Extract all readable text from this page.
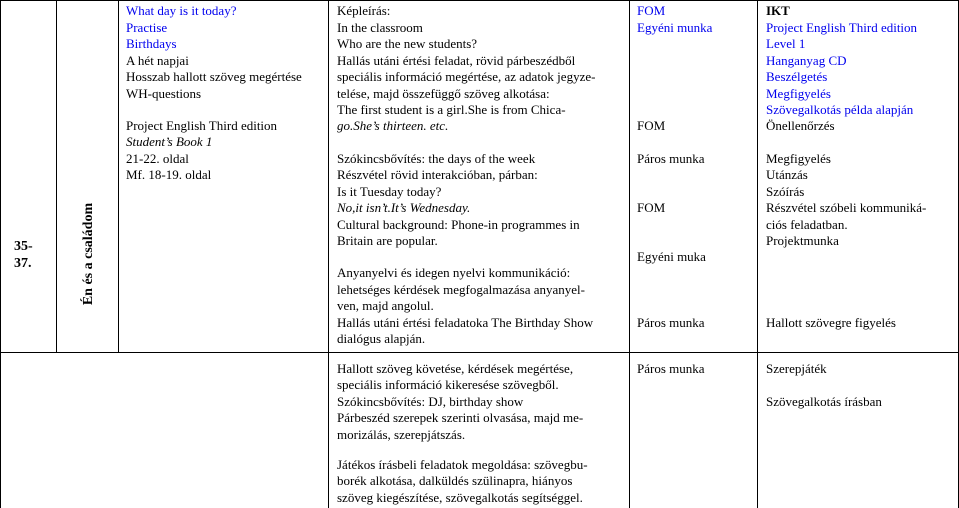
35-
37.	Én és a családom
What day is it today?
Practise
Birthdays
A hét napjai
Hosszab hallott szöveg megértése
WH-questions
Project English Third edition
Student’s Book 1
21-22. oldal
Mf. 18-19. oldal
Képleírás:
In the classroom
Who are the new students?
Hallás utáni értési feladat, rövid párbeszédből
speciális információ megértése, az adatok jegyze-
telése, majd összefüggő szöveg alkotása:
The first student is a girl.She is from Chica-
go.She’s thirteen. etc.
Szókincsbővítés: the days of the week
Részvétel rövid interakcióban, párban:
Is it Tuesday today?
No,it isn’t.It’s Wednesday.
Cultural background: Phone-in programmes in
Britain are popular.
Anyanyelvi és idegen nyelvi kommunikáció:
lehetséges kérdések megfogalmazása anyanyel-
ven, majd angolul.
Hallás utáni értési feladatoka The Birthday Show
dialógus alapján.
Hallott szöveg követése, kérdések megértése,
speciális információ kikeresése szövegből.
Szókincsbővítés: DJ, birthday show
Párbeszéd szerepek szerinti olvasása, majd me-
morizálás, szerepjátszás.
Játékos írásbeli feladatok megoldása: szövegbu-
borék alkotása, dalküldés szülinapra, hiányos
szöveg kiegészítése, szövegalkotás segítséggel.
FOM
Egyéni munka
FOM
Páros munka
FOM
Egyéni muka
Páros munka
Páros munka
IKT
Project English Third edition
Level 1
Hanganyag CD
Beszélgetés
Megfigyelés
Szövegalkotás példa alapján
Önellenőrzés
Megfigyelés
Utánzás
Szóírás
Részvétel szóbeli kommuniká-
ciós feladatban.
Projektmunka
Hallott szövegre figyelés
Szerepjáték
Szövegalkotás írásban
